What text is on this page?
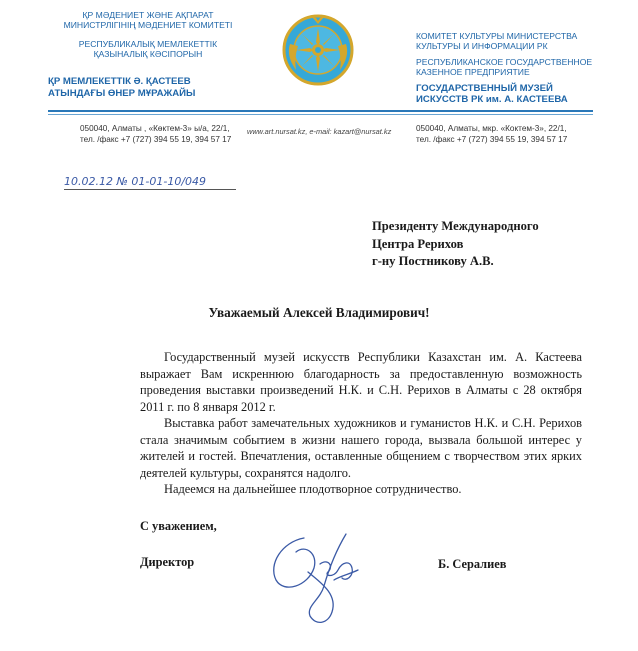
ҚР МӘДЕНИЕТ ЖӘНЕ АҚПАРАТ
МИНИСТРЛІГІНІҢ МӘДЕНИЕТ КОМИТЕТІ
РЕСПУБЛИКАЛЫҚ МЕМЛЕКЕТТІК
ҚАЗЫНАЛЫҚ КӘСІПОРЫН
ҚР МЕМЛЕКЕТТІК Ә. ҚАСТЕЕВ
АТЫНДАҒЫ ӨНЕР МҰРАЖАЙЫ
КОМИТЕТ КУЛЬТУРЫ МИНИСТЕРСТВА
КУЛЬТУРЫ И ИНФОРМАЦИИ РК
РЕСПУБЛИКАНСКОЕ ГОСУДАРСТВЕННОЕ
КАЗЕННОЕ ПРЕДПРИЯТИЕ
ГОСУДАРСТВЕННЫЙ МУЗЕЙ
ИСКУССТВ РК им. А. КАСТЕЕВА
050040, Алматы , «Көктем-3» ы/а, 22/1,
тел. /факс +7 (727) 394 55 19, 394 57 17
www.art.nursat.kz, e-mail: kazart@nursat.kz	050040, Алматы, мкр. «Коктем-3», 22/1,
тел. /факс +7 (727) 394 55 19, 394 57 17
10.02.12 № 01-01-10/049
Президенту Международного
Центра Рерихов
г-ну Постникову А.В.
Уважаемый Алексей Владимирович!

Государственный музей искусств Республики Казахстан им. А. Кастеева выражает Вам искреннюю благодарность за предоставленную возможность проведения выставки произведений Н.К. и С.Н. Рерихов в Алматы с 28 октября 2011 г. по 8 января 2012 г.

Выставка работ замечательных художников и гуманистов Н.К. и С.Н. Рерихов стала значимым событием в жизни нашего города, вызвала большой интерес у жителей и гостей. Впечатления, оставленные общением с творчеством этих ярких деятелей культуры, сохранятся надолго.

Надеемся на дальнейшее плодотворное сотрудничество.

С уважением,
Директор	Б. Сералиев
